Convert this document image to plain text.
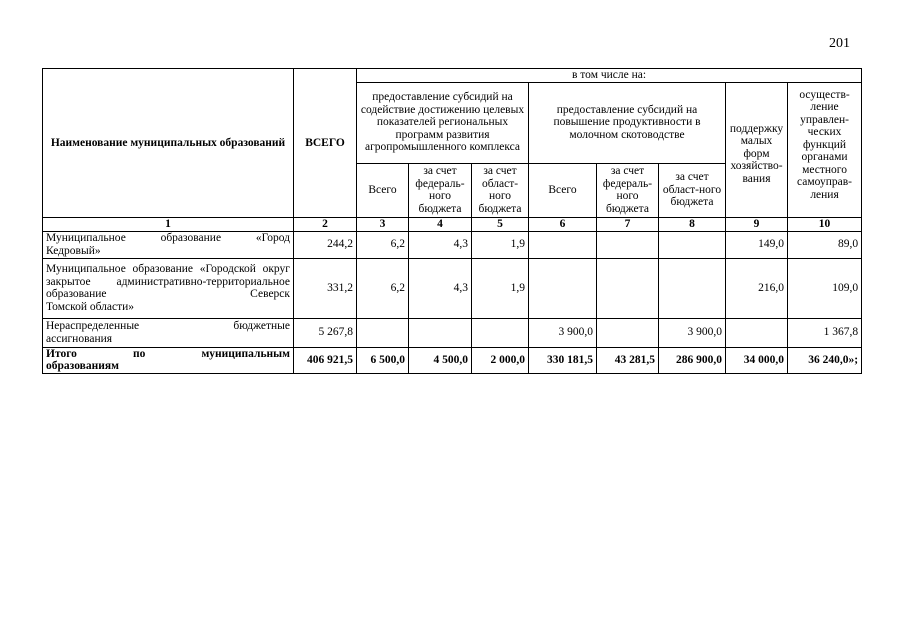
201
Наименование муниципальных образований	ВСЕГО	в том числе на:							
		предоставление субсидий на содействие достижению целевых показателей региональных программ развития агропромышленного комплекса			предоставление субсидий на повышение продуктивности в молочном скотоводстве			поддержку малых форм хозяйство-вания	осуществ-ление управлен-ческих функций органами местного самоуправ-ления
		Всего	за счет федераль-ного бюджета	за счет област-ного бюджета	Всего	за счет федераль-ного бюджета	за счет област-ного бюджета		
1	2	3	4	5	6	7	8	9	10

Муниципальное образование «Город
Кедровый»	244,2	6,2	4,3	1,9				149,0	89,0

Муниципальное образование «Городской округ закрытое административно-территориальное образование Северск
Томской области»	331,2	6,2	4,3	1,9				216,0	109,0

Нераспределенные бюджетные
ассигнования	5 267,8				3 900,0		3 900,0		1 367,8

Итого по муниципальным
образованиям	406 921,5	6 500,0	4 500,0	2 000,0	330 181,5	43 281,5	286 900,0	34 000,0	36 240,0»;
